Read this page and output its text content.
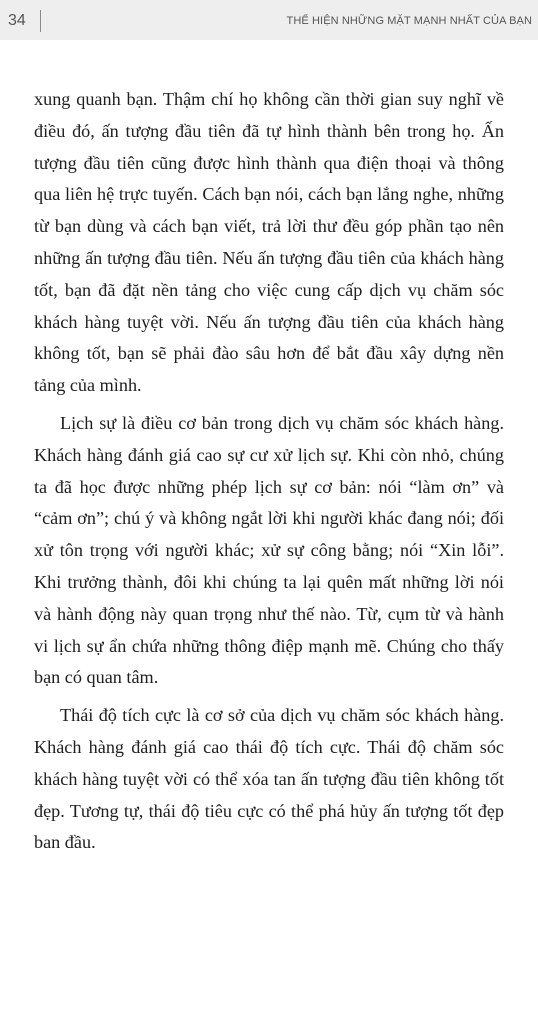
34	THỂ HIỆN NHỮNG MẶT MẠNH NHẤT CỦA BẠN

xung quanh bạn. Thậm chí họ không cần thời gian suy nghĩ về điều đó, ấn tượng đầu tiên đã tự hình thành bên trong họ. Ấn tượng đầu tiên cũng được hình thành qua điện thoại và thông qua liên hệ trực tuyến. Cách bạn nói, cách bạn lắng nghe, những từ bạn dùng và cách bạn viết, trả lời thư đều góp phần tạo nên những ấn tượng đầu tiên. Nếu ấn tượng đầu tiên của khách hàng tốt, bạn đã đặt nền tảng cho việc cung cấp dịch vụ chăm sóc khách hàng tuyệt vời. Nếu ấn tượng đầu tiên của khách hàng không tốt, bạn sẽ phải đào sâu hơn để bắt đầu xây dựng nền tảng của mình.

Lịch sự là điều cơ bản trong dịch vụ chăm sóc khách hàng. Khách hàng đánh giá cao sự cư xử lịch sự. Khi còn nhỏ, chúng ta đã học được những phép lịch sự cơ bản: nói “làm ơn” và “cảm ơn”; chú ý và không ngắt lời khi người khác đang nói; đối xử tôn trọng với người khác; xử sự công bằng; nói “Xin lỗi”. Khi trưởng thành, đôi khi chúng ta lại quên mất những lời nói và hành động này quan trọng như thế nào. Từ, cụm từ và hành vi lịch sự ẩn chứa những thông điệp mạnh mẽ. Chúng cho thấy bạn có quan tâm.

Thái độ tích cực là cơ sở của dịch vụ chăm sóc khách hàng. Khách hàng đánh giá cao thái độ tích cực. Thái độ chăm sóc khách hàng tuyệt vời có thể xóa tan ấn tượng đầu tiên không tốt đẹp. Tương tự, thái độ tiêu cực có thể phá hủy ấn tượng tốt đẹp ban đầu.
